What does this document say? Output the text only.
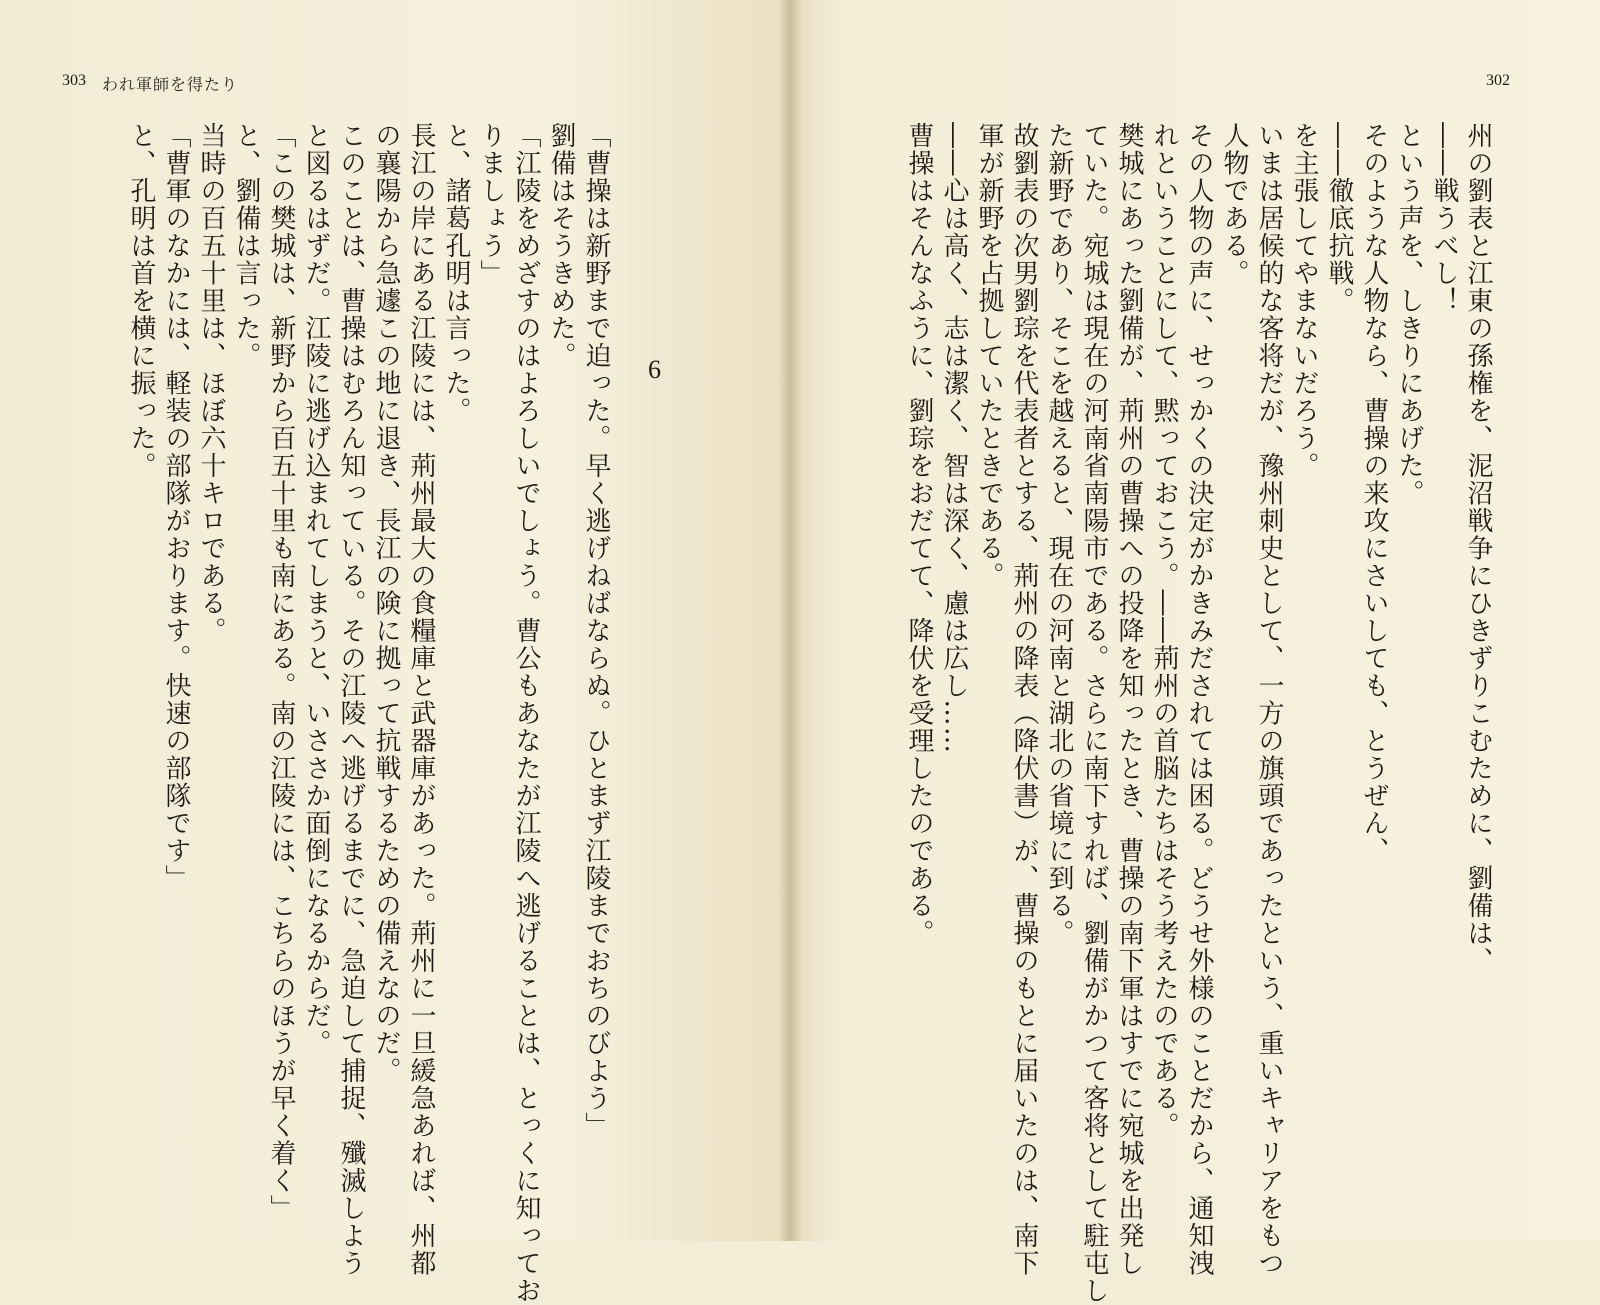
303 われ軍師を得たり	302
6	州の劉表と江東の孫権を、泥沼戦争にひきずりこむために、劉備は、
――戦うべし！
という声を、しきりにあげた。
そのような人物なら、曹操の来攻にさいしても、とうぜん、
――徹底抗戦。
を主張してやまないだろう。
いまは居候的な客将だが、豫州刺史として、一方の旗頭であったという、重いキャリアをもつ
人物である。
その人物の声に、せっかくの決定がかきみだされては困る。どうせ外様のことだから、通知洩
れということにして、黙っておこう。――荊州の首脳たちはそう考えたのである。
樊城にあった劉備が、荊州の曹操への投降を知ったとき、曹操の南下軍はすでに宛城を出発し
ていた。宛城は現在の河南省南陽市である。さらに南下すれば、劉備がかつて客将として駐屯し
た新野であり、そこを越えると、現在の河南と湖北の省境に到る。
故劉表の次男劉琮を代表者とする、荊州の降表（降伏書）が、曹操のもとに届いたのは、南下
軍が新野を占拠していたときである。
――心は高く、志は潔く、智は深く、慮は広し……
曹操はそんなふうに、劉琮をおだてて、降伏を受理したのである。
「曹操は新野まで迫った。早く逃げねばならぬ。ひとまず江陵までおちのびよう」
劉備はそうきめた。
「江陵をめざすのはよろしいでしょう。曹公もあなたが江陵へ逃げることは、とっくに知ってお
りましょう」
と、諸葛孔明は言った。
長江の岸にある江陵には、荊州最大の食糧庫と武器庫があった。荊州に一旦緩急あれば、州都
の襄陽から急遽この地に退き、長江の険に拠って抗戦するための備えなのだ。
このことは、曹操はむろん知っている。その江陵へ逃げるまでに、急迫して捕捉、殲滅しよう
と図るはずだ。江陵に逃げ込まれてしまうと、いささか面倒になるからだ。
「この樊城は、新野から百五十里も南にある。南の江陵には、こちらのほうが早く着く」
と、劉備は言った。
当時の百五十里は、ほぼ六十キロである。
「曹軍のなかには、軽装の部隊がおります。快速の部隊です」
と、孔明は首を横に振った。
